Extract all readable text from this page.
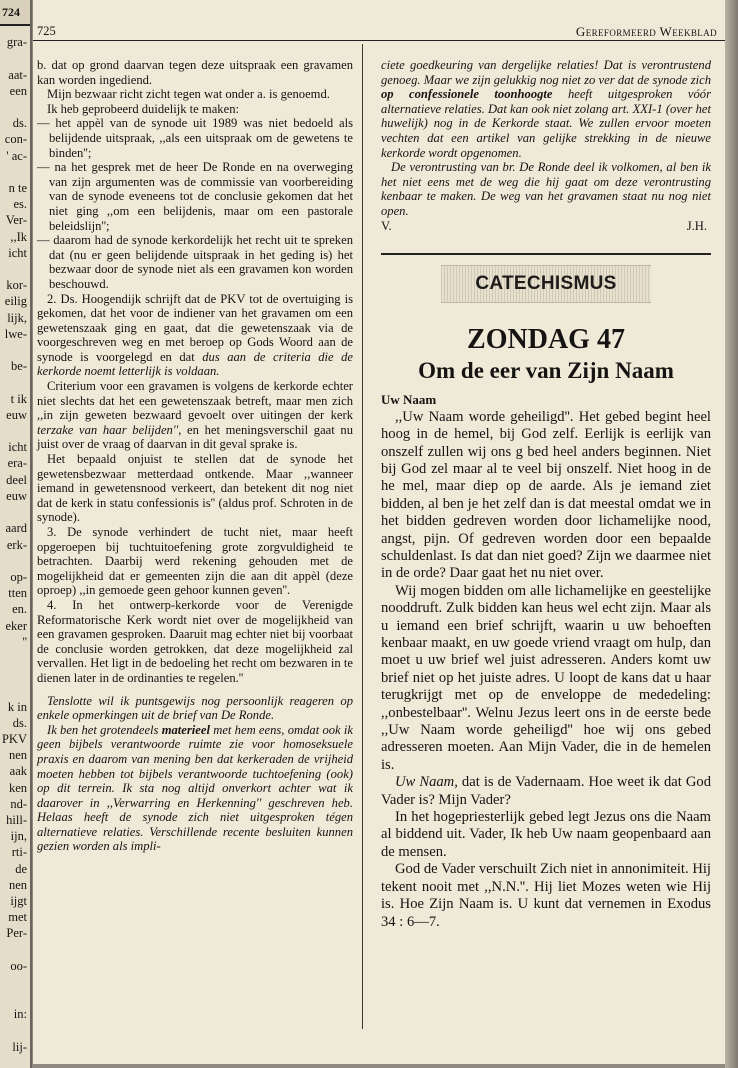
724
gra-

aat-
een

ds.
con-
' ac-

n te
es.
Ver-
,,Ik
icht

kor-
eilig
lijk,
lwe-

be-

t ik
euw

icht
era-
deel
euw

aard
erk-

op-
tten
en.
eker
''

k in
ds.
PKV
nen
aak
ken
nd-
hill-
ijn,
rti-
de
nen
ijgt
met
Per-

oo-

in:

lij-
725	Gereformeerd Weekblad

b. dat op grond daarvan tegen deze uitspraak een gravamen kan worden ingediend.

Mijn bezwaar richt zicht tegen wat onder a. is genoemd.

Ik heb geprobeerd duidelijk te maken:

— het appèl van de synode uit 1989 was niet bedoeld als belijdende uitspraak, ,,als een uitspraak om de gewetens te binden'';

— na het gesprek met de heer De Ronde en na overweging van zijn argumenten was de commissie van voorbereiding van de synode eveneens tot de conclusie gekomen dat het niet ging ,,om een belijdenis, maar om een pastorale beleidslijn'';

— daarom had de synode kerkordelijk het recht uit te spreken dat (nu er geen belijdende uitspraak in het geding is) het bezwaar door de synode niet als een gravamen kon worden beschouwd.

2. Ds. Hoogendijk schrijft dat de PKV tot de overtuiging is gekomen, dat het voor de indiener van het gravamen om een gewetenszaak ging en gaat, dat die gewetenszaak via de voorgeschreven weg en met beroep op Gods Woord aan de synode is voorgelegd en dat dus aan de criteria die de kerkorde noemt letterlijk is voldaan.

Criterium voor een gravamen is volgens de kerkorde echter niet slechts dat het een gewetenszaak betreft, maar men zich ,,in zijn geweten bezwaard gevoelt over uitingen der kerk terzake van haar belijden'', en het meningsverschil gaat nu juist over de vraag of daarvan in dit geval sprake is.

Het bepaald onjuist te stellen dat de synode het gewetensbezwaar metterdaad ontkende. Maar ,,wanneer iemand in gewetensnood verkeert, dan betekent dit nog niet dat de kerk in statu confessionis is'' (aldus prof. Schroten in de synode).

3. De synode verhindert de tucht niet, maar heeft opgeroepen bij tuchtuitoefening grote zorgvuldigheid te betrachten. Daarbij werd rekening gehouden met de mogelijkheid dat er gemeenten zijn die aan dit appèl (deze oproep) ,,in gemoede geen gehoor kunnen geven''.

4. In het ontwerp-kerkorde voor de Verenigde Reformatorische Kerk wordt niet over de mogelijkheid van een gravamen gesproken. Daaruit mag echter niet bij voorbaat de conclusie worden getrokken, dat deze mogelijkheid zal vervallen. Het ligt in de bedoeling het recht om bezwaren in te dienen later in de ordinanties te regelen.''

Tenslotte wil ik puntsgewijs nog persoonlijk reageren op enkele opmerkingen uit de brief van De Ronde.

Ik ben het grotendeels materieel met hem eens, omdat ook ik geen bijbels verantwoorde ruimte zie voor homoseksuele praxis en daarom van mening ben dat kerkeraden de vrijheid moeten hebben tot bijbels verantwoorde tuchtoefening (ook) op dit terrein. Ik sta nog altijd onverkort achter wat ik daarover in ,,Verwarring en Herkenning'' geschreven heb. Helaas heeft de synode zich niet uitgesproken tégen alternatieve relaties. Verschillende recente besluiten kunnen gezien worden als impli-

ciete goedkeuring van dergelijke relaties! Dat is verontrustend genoeg. Maar we zijn gelukkig nog niet zo ver dat de synode zich op confessionele toonhoogte heeft uitgesproken vóór alternatieve relaties. Dat kan ook niet zolang art. XXI-1 (over het huwelijk) nog in de Kerkorde staat. We zullen ervoor moeten vechten dat een artikel van gelijke strekking in de nieuwe kerkorde wordt opgenomen.

De verontrusting van br. De Ronde deel ik volkomen, al ben ik het niet eens met de weg die hij gaat om deze verontrusting kenbaar te maken. De weg van het gravamen staat nu nog niet open.

V.	J.H.
CATECHISMUS
ZONDAG 47
Om de eer van Zijn Naam
Uw Naam

,,Uw Naam worde geheiligd''. Het gebed begint heel hoog in de hemel, bij God zelf. Eerlijk is eerlijk van onszelf zullen wij ons g bed heel anders beginnen. Niet bij God zel maar al te veel bij onszelf. Niet hoog in de he mel, maar diep op de aarde. Als je iemand ziet bidden, al ben je het zelf dan is dat meestal omdat we in het bidden gedreven worden door lichamelijke nood, angst, pijn. Of gedreven worden door een bepaalde schuldenlast. Is dat dan niet goed? Zijn we daarmee niet in de orde? Daar gaat het nu niet over.

Wij mogen bidden om alle lichamelijke en geestelijke nooddruft. Zulk bidden kan heus wel echt zijn. Maar als u iemand een brief schrijft, waarin u uw behoeften kenbaar maakt, en uw goede vriend vraagt om hulp, dan moet u uw brief wel juist adresseren. Anders komt uw brief niet op het juiste adres. U loopt de kans dat u haar terugkrijgt met op de enveloppe de mededeling: ,,onbestelbaar''. Welnu Jezus leert ons in de eerste bede ,,Uw Naam worde geheiligd'' hoe wij ons gebed adresseren moeten. Aan Mijn Vader, die in de hemelen is.

Uw Naam, dat is de Vadernaam. Hoe weet ik dat God Vader is? Mijn Vader?

In het hogepriesterlijk gebed legt Jezus ons die Naam al biddend uit. Vader, Ik heb Uw naam geopenbaard aan de mensen.

God de Vader verschuilt Zich niet in annonimiteit. Hij tekent nooit met ,,N.N.''. Hij liet Mozes weten wie Hij is. Hoe Zijn Naam is. U kunt dat vernemen in Exodus 34 : 6—7.
